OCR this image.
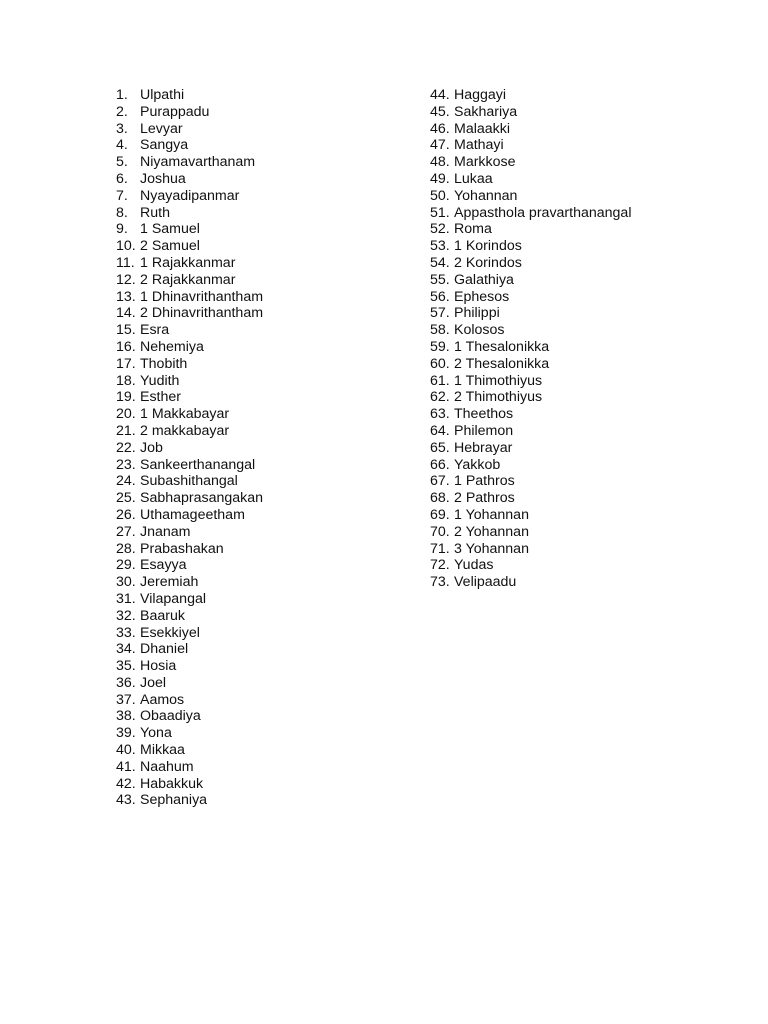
1. Ulpathi
2. Purappadu
3. Levyar
4. Sangya
5. Niyamavarthanam
6. Joshua
7. Nyayadipanmar
8. Ruth
9. 1 Samuel
10. 2 Samuel
11. 1 Rajakkanmar
12. 2 Rajakkanmar
13. 1 Dhinavrithantham
14. 2 Dhinavrithantham
15. Esra
16. Nehemiya
17. Thobith
18. Yudith
19. Esther
20. 1 Makkabayar
21. 2 makkabayar
22. Job
23. Sankeerthanangal
24. Subashithangal
25. Sabhaprasangakan
26. Uthamageetham
27. Jnanam
28. Prabashakan
29. Esayya
30. Jeremiah
31. Vilapangal
32. Baaruk
33. Esekkiyel
34. Dhaniel
35. Hosia
36. Joel
37. Aamos
38. Obaadiya
39. Yona
40. Mikkaa
41. Naahum
42. Habakkuk
43. Sephaniya
44. Haggayi
45. Sakhariya
46. Malaakki
47. Mathayi
48. Markkose
49. Lukaa
50. Yohannan
51. Appasthola pravarthanangal
52. Roma
53. 1 Korindos
54. 2 Korindos
55. Galathiya
56. Ephesos
57. Philippi
58. Kolosos
59. 1 Thesalonikka
60. 2 Thesalonikka
61. 1 Thimothiyus
62. 2 Thimothiyus
63. Theethos
64. Philemon
65. Hebrayar
66. Yakkob
67. 1 Pathros
68. 2 Pathros
69. 1 Yohannan
70. 2 Yohannan
71. 3 Yohannan
72. Yudas
73. Velipaadu
